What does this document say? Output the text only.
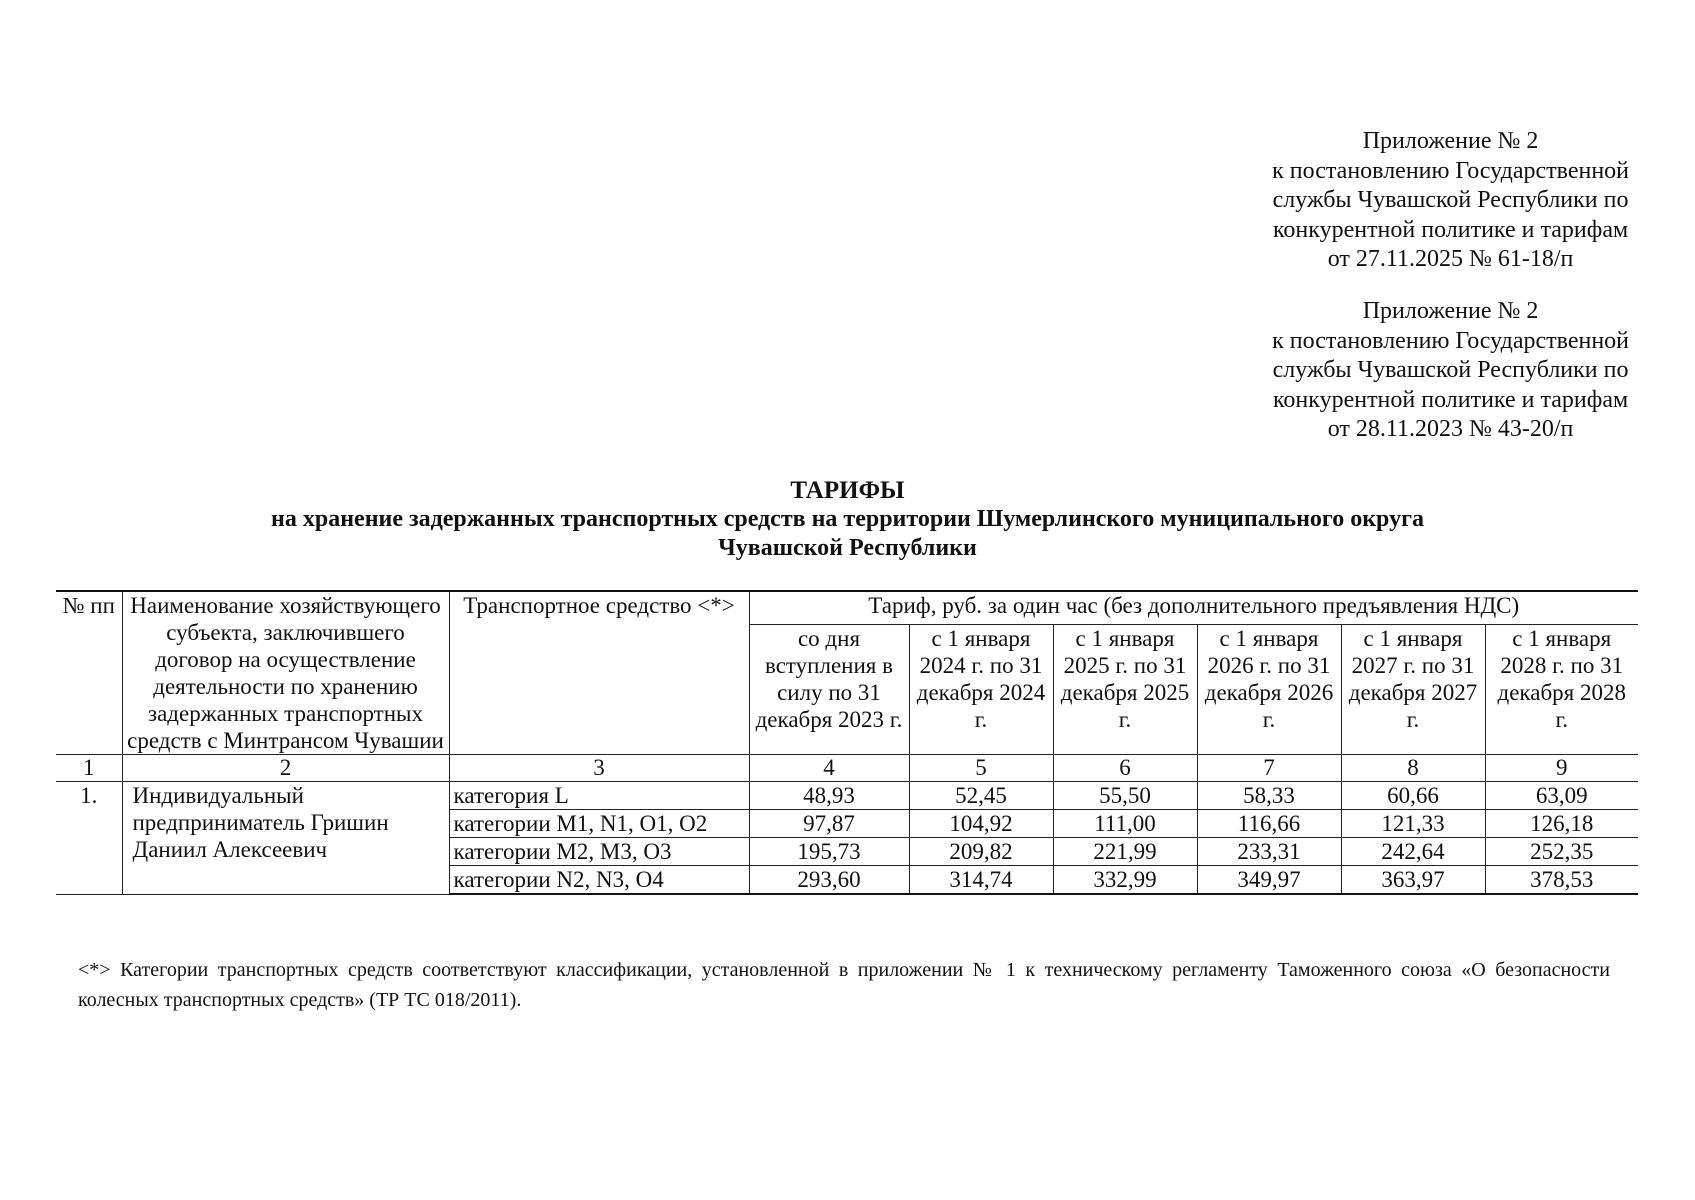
Приложение № 2
к постановлению Государственной
службы Чувашской Республики по
конкурентной политике и тарифам
от 27.11.2025 № 61-18/п
Приложение № 2
к постановлению Государственной
службы Чувашской Республики по
конкурентной политике и тарифам
от 28.11.2023 № 43-20/п
ТАРИФЫ
на хранение задержанных транспортных средств на территории Шумерлинского муниципального округа
Чувашской Республики
№ пп	Наименование хозяйствующего субъекта, заключившего договор на осуществление деятельности по хранению задержанных транспортных средств с Минтрансом Чувашии	Транспортное средство <*>	Тариф, руб. за один час (без дополнительного предъявления НДС)					
			со дня вступления в силу по 31 декабря 2023 г.	с 1 января 2024 г. по 31 декабря 2024 г.	с 1 января 2025 г. по 31 декабря 2025 г.	с 1 января 2026 г. по 31 декабря 2026 г.	с 1 января 2027 г. по 31 декабря 2027 г.	с 1 января 2028 г. по 31 декабря 2028 г.
1	2	3	4	5	6	7	8	9
1.	Индивидуальный предприниматель Гришин Даниил Алексеевич	категория L	48,93	52,45	55,50	58,33	60,66	63,09
		категории M1, N1, O1, O2	97,87	104,92	111,00	116,66	121,33	126,18
		категории M2, M3, O3	195,73	209,82	221,99	233,31	242,64	252,35
		категории N2, N3, O4	293,60	314,74	332,99	349,97	363,97	378,53
<*> Категории транспортных средств соответствуют классификации, установленной в приложении № 1 к техническому регламенту Таможенного союза «О безопасности колесных транспортных средств» (ТР ТС 018/2011).
